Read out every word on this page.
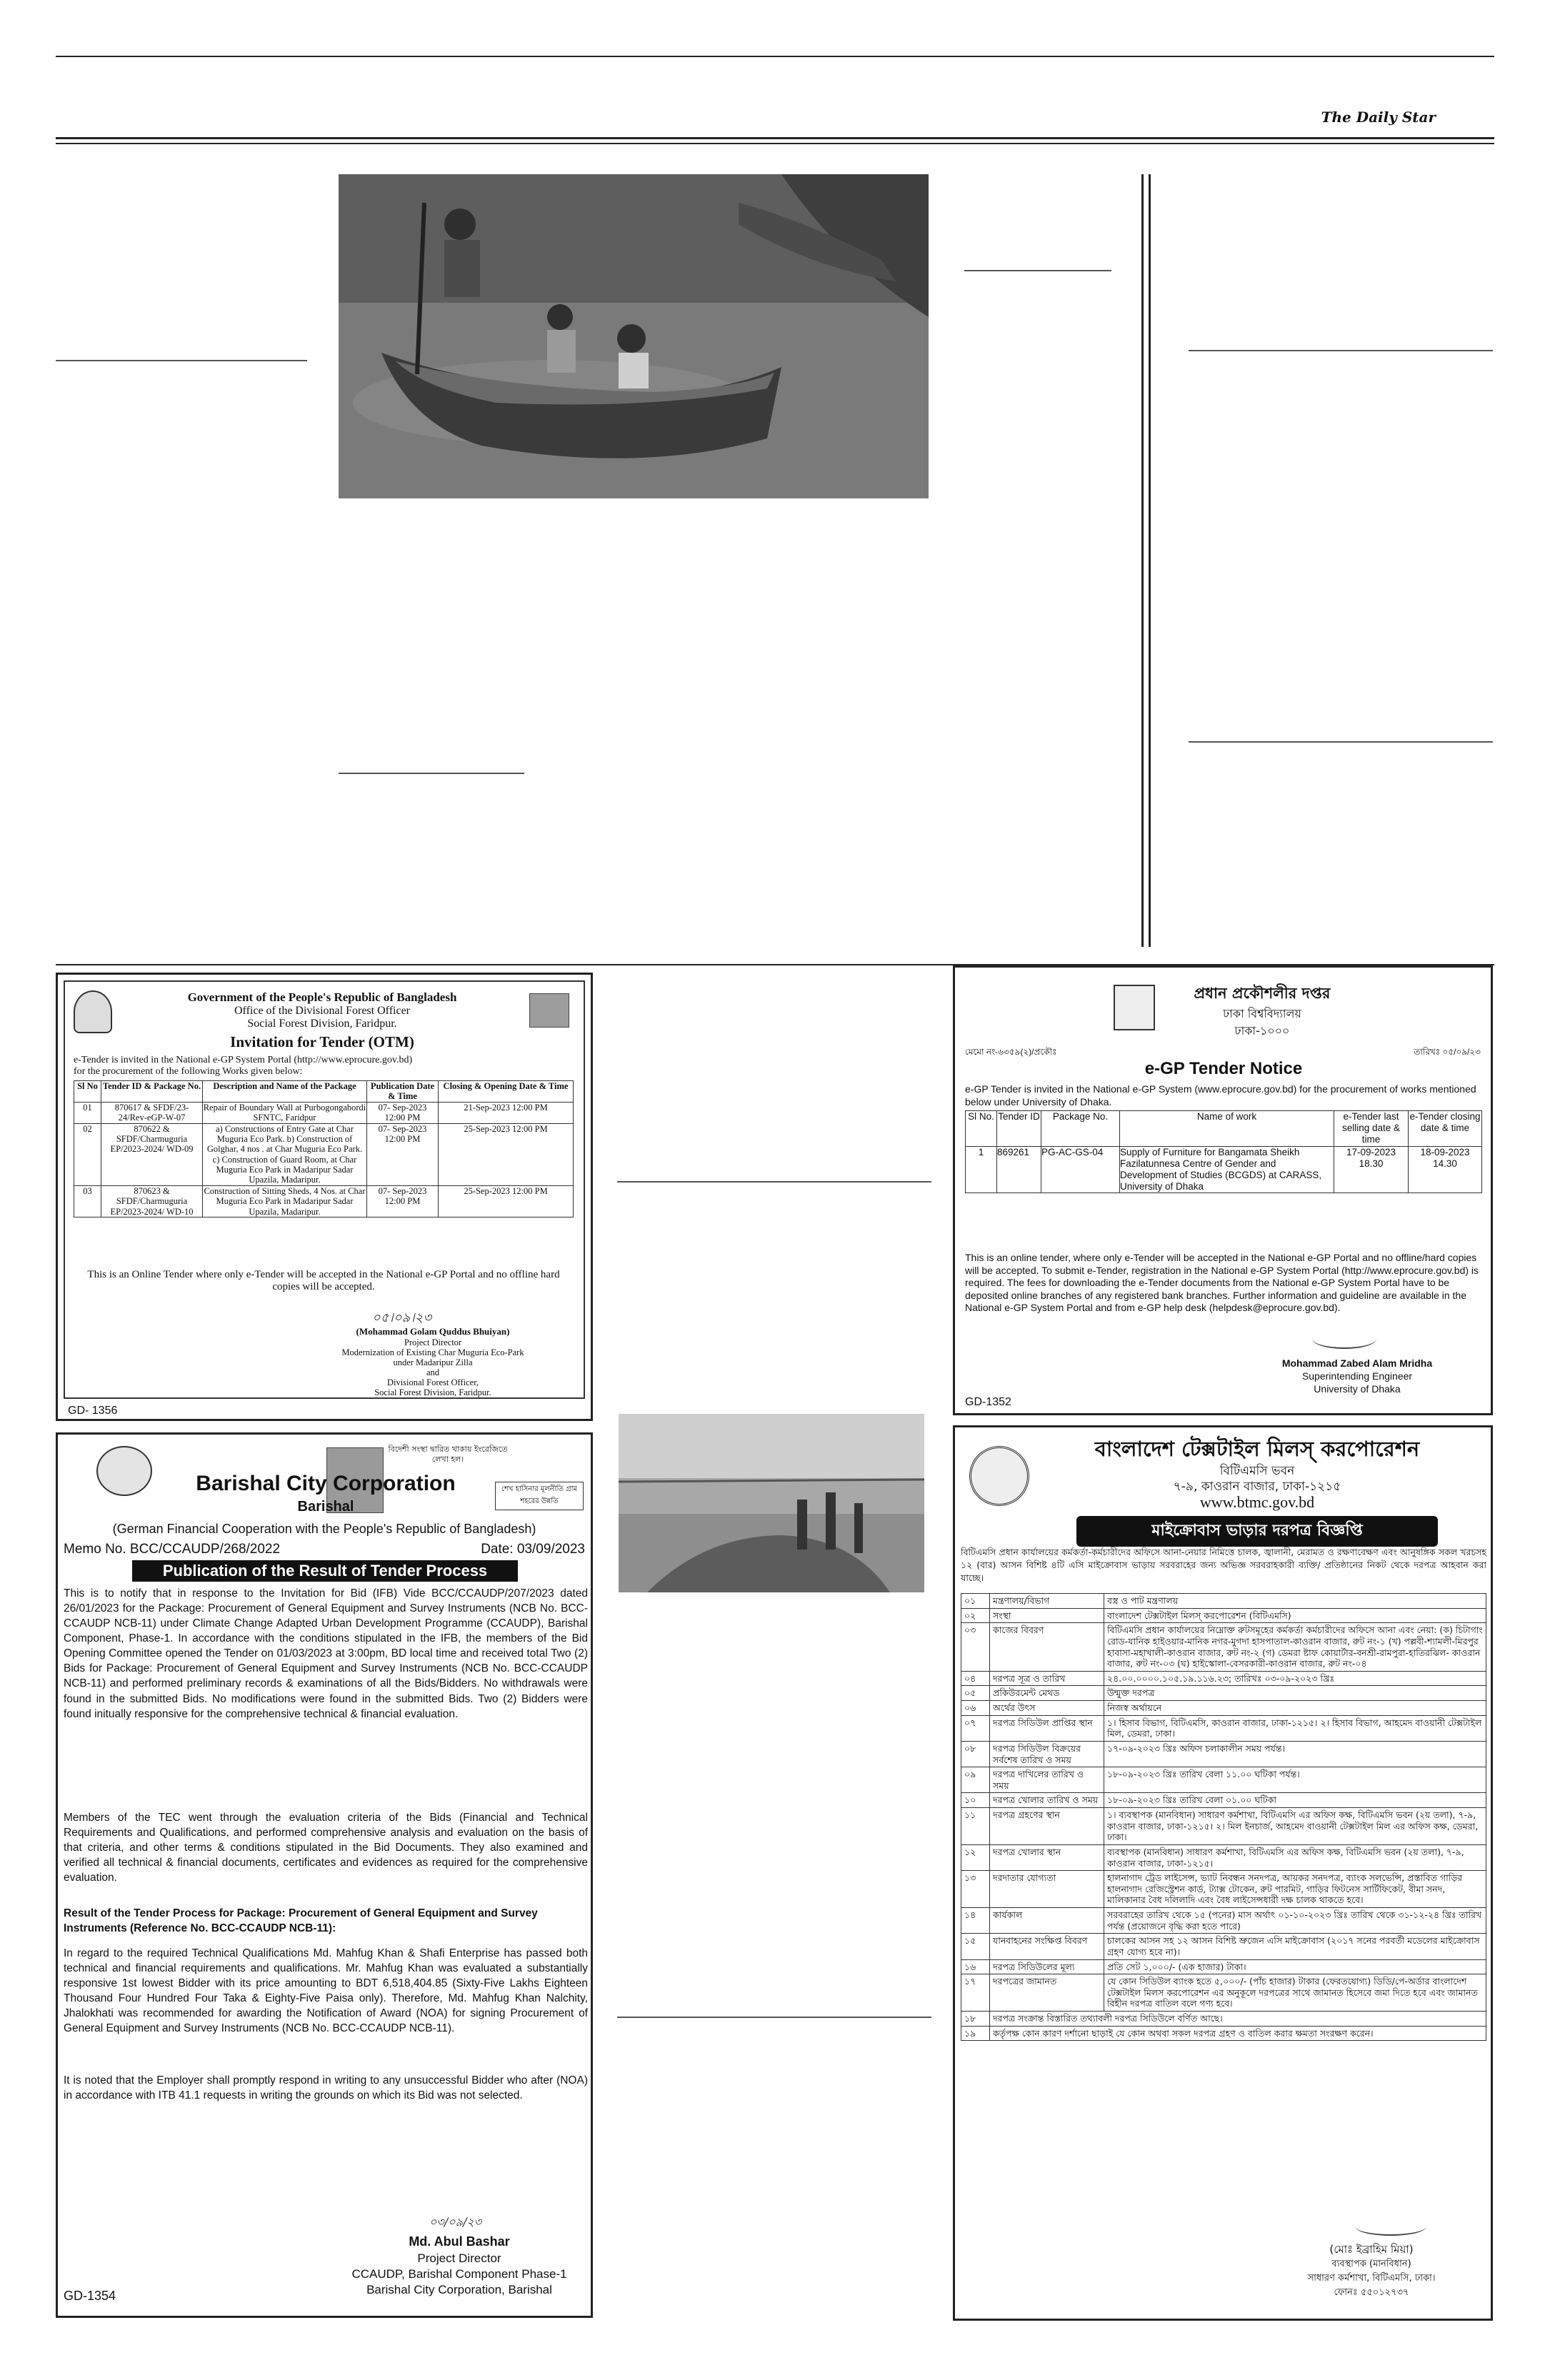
The Daily Star
Government of the People's Republic of Bangladesh
Office of the Divisional Forest Officer
Social Forest Division, Faridpur.
Invitation for Tender (OTM)
e-Tender is invited in the National e-GP System Portal (http://www.eprocure.gov.bd)
for the procurement of the following Works given below:
Sl No	Tender ID & Package No.	Description and Name of the Package	Publication Date & Time	Closing & Opening Date & Time
01	870617 & SFDF/23-24/Rev-eGP-W-07	Repair of Boundary Wall at Purbogongabordi SFNTC, Faridpur	07- Sep-2023 12:00 PM	21-Sep-2023 12:00 PM
02	870622 & SFDF/Charmuguria EP/2023-2024/ WD-09	a) Constructions of Entry Gate at Char Muguria Eco Park. b) Construction of Golghar, 4 nos . at Char Muguria Eco Park. c) Construction of Guard Room, at Char Muguria Eco Park in Madaripur Sadar Upazila, Madaripur.	07- Sep-2023 12:00 PM	25-Sep-2023 12:00 PM
03	870623 & SFDF/Charmuguria EP/2023-2024/ WD-10	Construction of Sitting Sheds, 4 Nos. at Char Muguria Eco Park in Madaripur Sadar Upazila, Madaripur.	07- Sep-2023 12:00 PM	25-Sep-2023 12:00 PM
This is an Online Tender where only e-Tender will be accepted in the National e-GP Portal and no offline hard copies will be accepted.
০৫।০৯।২৩
(Mohammad Golam Quddus Bhuiyan)
Project Director
Modernization of Existing Char Muguria Eco-Park
under Madaripur Zilla
and
Divisional Forest Officer,
Social Forest Division, Faridpur.
GD- 1356
প্রধান প্রকৌশলীর দপ্তর
ঢাকা বিশ্ববিদ্যালয়
ঢাকা-১০০০
মেমো নং-৬৩৫৯(২)/প্রকৌঃ	তারিখঃ ০৫/০৯/২৩
e-GP Tender Notice
e-GP Tender is invited in the National e-GP System (www.eprocure.gov.bd) for the procurement of works mentioned below under University of Dhaka.
Sl No.	Tender ID	Package No.	Name of work	e-Tender last selling date & time	e-Tender closing date & time
1	869261	PG-AC-GS-04	Supply of Furniture for Bangamata Sheikh Fazilatunnesa Centre of Gender and Development of Studies (BCGDS) at CARASS, University of Dhaka	17-09-2023 18.30	18-09-2023 14.30
This is an online tender, where only e-Tender will be accepted in the National e-GP Portal and no offline/hard copies will be accepted. To submit e-Tender, registration in the National e-GP System Portal (http://www.eprocure.gov.bd) is required. The fees for downloading the e-Tender documents from the National e-GP System Portal have to be deposited online branches of any registered bank branches. Further information and guideline are available in the National e-GP System Portal and from e-GP help desk (helpdesk@eprocure.gov.bd).
Mohammad Zabed Alam Mridha
Superintending Engineer
University of Dhaka
GD-1352
বিদেশী সংস্থা দ্বারিত থাকায় ইংরেজিতে লেখা হল।
শেখ হাসিনার মূলনীতি গ্রাম শহরের উন্নতি
Barishal City Corporation
Barishal
(German Financial Cooperation with the People's Republic of Bangladesh)
Memo No. BCC/CCAUDP/268/2022	Date: 03/09/2023
Publication of the Result of Tender Process
This is to notify that in response to the Invitation for Bid (IFB) Vide BCC/CCAUDP/207/2023 dated 26/01/2023 for the Package: Procurement of General Equipment and Survey Instruments (NCB No. BCC-CCAUDP NCB-11) under Climate Change Adapted Urban Development Programme (CCAUDP), Barishal Component, Phase-1. In accordance with the conditions stipulated in the IFB, the members of the Bid Opening Committee opened the Tender on 01/03/2023 at 3:00pm, BD local time and received total Two (2) Bids for Package: Procurement of General Equipment and Survey Instruments (NCB No. BCC-CCAUDP NCB-11) and performed preliminary records & examinations of all the Bids/Bidders. No withdrawals were found in the submitted Bids. No modifications were found in the submitted Bids. Two (2) Bidders were found initually responsive for the comprehensive technical & financial evaluation.
Members of the TEC went through the evaluation criteria of the Bids (Financial and Technical Requirements and Qualifications, and performed comprehensive analysis and evaluation on the basis of that criteria, and other terms & conditions stipulated in the Bid Documents. They also examined and verified all technical & financial documents, certificates and evidences as required for the comprehensive evaluation.
Result of the Tender Process for Package: Procurement of General Equipment and Survey Instruments (Reference No. BCC-CCAUDP NCB-11):
In regard to the required Technical Qualifications Md. Mahfug Khan & Shafi Enterprise has passed both technical and financial requirements and qualifications. Mr. Mahfug Khan was evaluated a substantially responsive 1st lowest Bidder with its price amounting to BDT 6,518,404.85 (Sixty-Five Lakhs Eighteen Thousand Four Hundred Four Taka & Eighty-Five Paisa only). Therefore, Md. Mahfug Khan Nalchity, Jhalokhati was recommended for awarding the Notification of Award (NOA) for signing Procurement of General Equipment and Survey Instruments (NCB No. BCC-CCAUDP NCB-11).
It is noted that the Employer shall promptly respond in writing to any unsuccessful Bidder who after (NOA) in accordance with ITB 41.1 requests in writing the grounds on which its Bid was not selected.
০৩/০৯/২৩
Md. Abul Bashar
Project Director
CCAUDP, Barishal Component Phase-1
Barishal City Corporation, Barishal
GD-1354
বাংলাদেশ টেক্সটাইল মিলস্ করপোরেশন
বিটিএমসি ভবন
৭-৯, কাওরান বাজার, ঢাকা-১২১৫
www.btmc.gov.bd
মাইক্রোবাস ভাড়ার দরপত্র বিজ্ঞপ্তি
বিটিএমসি প্রধান কার্যালয়ের কর্মকর্তা-কর্মচারীদের অফিসে আনা-নেয়ার নিমিত্তে চালক, জ্বালানী, মেরামত ও রক্ষণাবেক্ষণ এবং আনুষঙ্গিক সকল খরচসহ ১২ (বার) আসন বিশিষ্ট ৪টি এসি মাইক্রোবাস ভাড়ায় সরবরাহের জন্য অভিজ্ঞ সরবরাহকারী ব্যক্তি/ প্রতিষ্ঠানের নিকট থেকে দরপত্র আহবান করা যাচ্ছে।
০১	মন্ত্রণালয়/বিভাগ	বস্ত্র ও পাট মন্ত্রণালয়
০২	সংস্থা	বাংলাদেশ টেক্সটাইল মিলস্ করপোরেশন (বিটিএমসি)
০৩	কাজের বিবরণ	বিটিএমসি প্রধান কার্যালয়ের নিম্নোক্ত রুটসমূহের কর্মকর্তা কর্মচারীদের অফিসে আনা এবং নেয়া: (ক) চিটাগাং রোড-যানিক হাইওয়ার-মানিক নগর-মুগদা হাসপাতাল-কাওরান বাজার, রুট নং-১ (খ) পল্লবী-শ্যামলী-মিরপুর হাবাসা-মহাখালী-কাওরান বাজার, রুট নং-২ (গ) ডেমরা ষ্টাফ কোয়ার্টার-বনশ্রী-রামপুরা-হাতিরঝিল- কাওরান বাজার, রুট নং-০৩ (ঘ) হাইস্কোলা-বেসরকারী-কাওরান বাজার, রুট নং-০৪
০৪	দরপত্র সূত্র ও তারিখ	২৪.০০.০০০০.১০৫.১৯.১১৬.২৩; তারিখঃ ০৩-০৯-২০২৩ খ্রিঃ
০৫	প্রকিউরমেন্ট মেথড	উন্মুক্ত দরপত্র
০৬	অর্থের উৎস	নিজস্ব অর্থায়নে
০৭	দরপত্র সিডিউল প্রাপ্তির স্থান	১। হিসাব বিভাগ, বিটিএমসি, কাওরান বাজার, ঢাকা-১২১৫। ২। হিসাব বিভাগ, আহমেদ বাওয়ানী টেক্সটাইল মিল, ডেমরা, ঢাকা।
০৮	দরপত্র সিডিউল বিক্রয়ের সর্বশেষ তারিখ ও সময়	১৭-০৯-২০২৩ খ্রিঃ অফিস চলাকালীন সময় পর্যন্ত।
০৯	দরপত্র দাখিলের তারিখ ও সময়	১৮-০৯-২০২৩ খ্রিঃ তারিখ বেলা ১১.০০ ঘটিকা পর্যন্ত।
১০	দরপত্র খোলার তারিখ ও সময়	১৮-০৯-২০২৩ খ্রিঃ তারিখ বেলা ০১.০০ ঘটিকা
১১	দরপত্র গ্রহণের স্থান	১। ব্যবস্থাপক (মানবিধান) সাধারণ কর্মশাখা, বিটিএমসি এর অফিস কক্ষ, বিটিএমসি ভবন (২য় তলা), ৭-৯, কাওরান বাজার, ঢাকা-১২১৫। ২। মিল ইনচার্জ, আহমেদ বাওয়ানী টেক্সটাইল মিল এর অফিস কক্ষ, ডেমরা, ঢাকা।
১২	দরপত্র খোলার স্থান	ব্যবস্থাপক (মানবিধান) সাধারণ কর্মশাখা, বিটিএমসি এর অফিস কক্ষ, বিটিএমসি ভবন (২য় তলা), ৭-৯, কাওরান বাজার, ঢাকা-১২১৫।
১৩	দরদাতার যোগ্যতা	হালনাগাদ ট্রেড লাইসেন্স, ভ্যাট নিবন্ধন সনদপত্র, আয়কর সনদপত্র, ব্যাংক সলভেন্সি, প্রস্তাবিত গাড়ির হালনাগাদ রেজিস্ট্রেশন কার্ড, ট্যাক্স টোকেন, রুট পারমিট, গাড়ির ফিটনেস সার্টিফিকেট, বীমা সনদ, মালিকানার বৈধ দলিলাদি এবং বৈধ লাইসেন্সধারী দক্ষ চালক থাকতে হবে।
১৪	কার্যকাল	সরবরাহের তারিখ থেকে ১৫ (পনের) মাস অর্থাৎ ০১-১০-২০২৩ খ্রিঃ তারিখ থেকে ৩১-১২-২৪ খ্রিঃ তারিখ পর্যন্ত (প্রয়োজনে বৃদ্ধি করা হতে পারে)
১৫	যানবাহনের সংক্ষিপ্ত বিবরণ	চালকের আসন সহ ১২ আসন বিশিষ্ট ভ্রুজেন এসি মাইক্রোবাস (২০১৭ সনের পরবর্তী মডেলের মাইক্রোবাস গ্রহণ যোগ্য হবে না)।
১৬	দরপত্র সিডিউলের মূল্য	প্রতি সেট ১,০০০/- (এক হাজার) টাকা।
১৭	দরপত্রের জামানত	যে কোন সিডিউল ব্যাংক হতে ৫,০০০/- (পাঁচ হাজার) টাকার (ফেরতযোগ্য) ডিডি/পে-অর্ডার বাংলাদেশ টেক্সটাইল মিলস করপোরেশন এর অনুকূলে দরপত্রের সাথে জামানত হিসেবে জমা দিতে হবে এবং জামানত বিহীন দরপত্র বাতিল বলে গণ্য হবে।
১৮	দরপত্র সংক্রান্ত বিস্তারিত তথ্যাবলী দরপত্র সিডিউলে বর্ণিত আছে।	
১৯	কর্তৃপক্ষ কোন কারণ দর্শানো ছাড়াই যে কোন অথবা সকল দরপত্র গ্রহণ ও বাতিল করার ক্ষমতা সংরক্ষণ করেন।	
(মোঃ ইব্রাহিম মিয়া)
ব্যবস্থাপক (মানবিধান)
সাধারণ কর্মশাখা, বিটিএমসি, ঢাকা।
ফোনঃ ৫৫০১২৭৩৭
